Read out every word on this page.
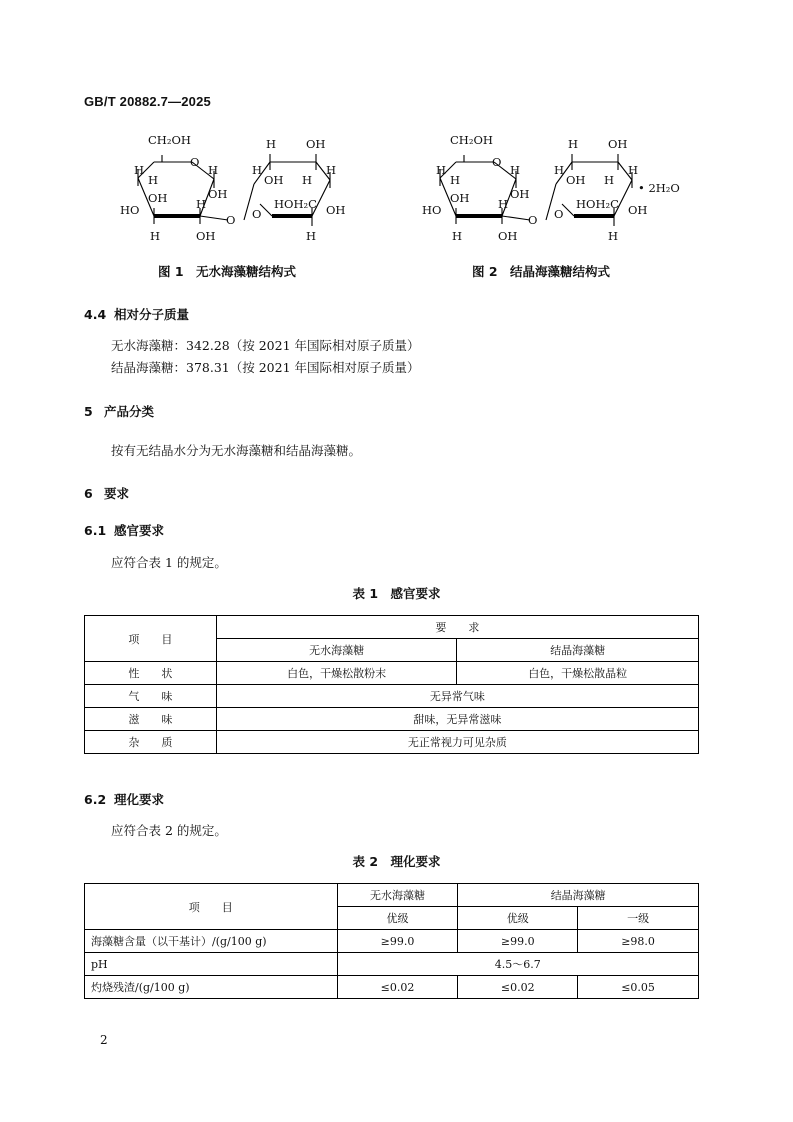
GB/T 20882.7—2025
CH₂OH
O
H
OH
H
H
OH
HO	H
H	OH
O
H	OH
H
OH H
H
O
HOH₂C OH
H
CH₂OH
O
H
OH
H
H
OH
HO	H
H	OH
O
H	OH
H
OH H
H
O
HOH₂C OH
H
• 2H₂O
图 1　无水海藻糖结构式	图 2　结晶海藻糖结构式
4.4 相对分子质量
无水海藻糖：342.28（按 2021 年国际相对原子质量）
结晶海藻糖：378.31（按 2021 年国际相对原子质量）
5 产品分类
按有无结晶水分为无水海藻糖和结晶海藻糖。
6 要求
6.1 感官要求
应符合表 1 的规定。
表 1　感官要求
项　　目	要　　求	
	无水海藻糖	结晶海藻糖
性　　状	白色，干燥松散粉末	白色，干燥松散晶粒
气　　味	无异常气味	
滋　　味	甜味，无异常滋味	
杂　　质	无正常视力可见杂质	
6.2 理化要求
应符合表 2 的规定。
表 2　理化要求
项　　目	无水海藻糖	结晶海藻糖	
	优级	优级	一级
海藻糖含量（以干基计）/(g/100 g)	≥99.0	≥99.0	≥98.0
pH	4.5～6.7		
灼烧残渣/(g/100 g)	≤0.02	≤0.02	≤0.05
2
